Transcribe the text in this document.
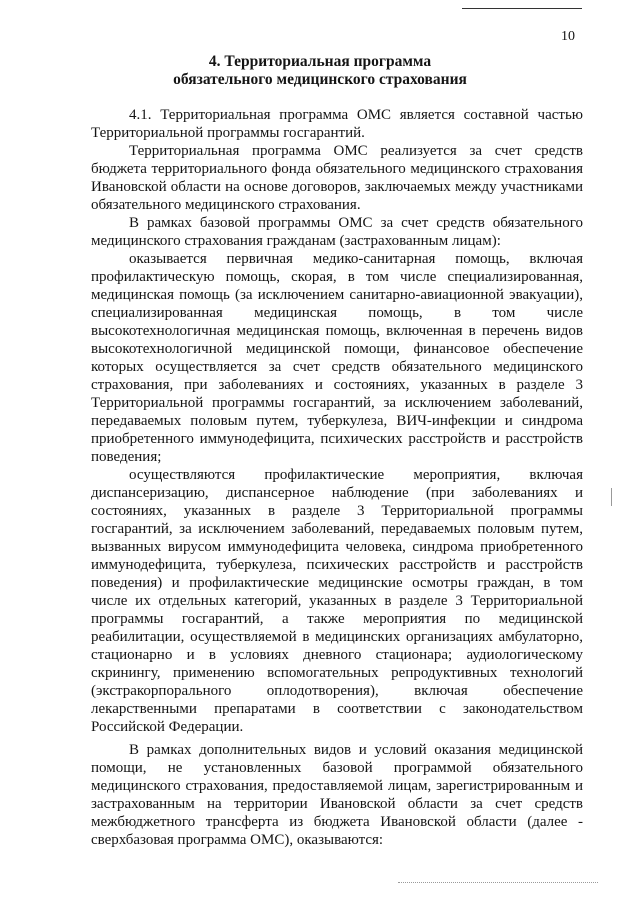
10
4. Территориальная программа
обязательного медицинского страхования

4.1. Территориальная программа ОМС является составной частью Территориальной программы госгарантий.

Территориальная программа ОМС реализуется за счет средств бюджета территориального фонда обязательного медицинского страхования Ивановской области на основе договоров, заключаемых между участниками обязательного медицинского страхования.

В рамках базовой программы ОМС за счет средств обязательного медицинского страхования гражданам (застрахованным лицам):

оказывается первичная медико-санитарная помощь, включая профилактическую помощь, скорая, в том числе специализированная, медицинская помощь (за исключением санитарно-авиационной эвакуации), специализированная медицинская помощь, в том числе высокотехнологичная медицинская помощь, включенная в перечень видов высокотехнологичной медицинской помощи, финансовое обеспечение которых осуществляется за счет средств обязательного медицинского страхования, при заболеваниях и состояниях, указанных в разделе 3 Территориальной программы госгарантий, за исключением заболеваний, передаваемых половым путем, туберкулеза, ВИЧ-инфекции и синдрома приобретенного иммунодефицита, психических расстройств и расстройств поведения;

осуществляются профилактические мероприятия, включая диспансеризацию, диспансерное наблюдение (при заболеваниях и состояниях, указанных в разделе 3 Территориальной программы госгарантий, за исключением заболеваний, передаваемых половым путем, вызванных вирусом иммунодефицита человека, синдрома приобретенного иммунодефицита, туберкулеза, психических расстройств и расстройств поведения) и профилактические медицинские осмотры граждан, в том числе их отдельных категорий, указанных в разделе 3 Территориальной программы госгарантий, а также мероприятия по медицинской реабилитации, осуществляемой в медицинских организациях амбулаторно, стационарно и в условиях дневного стационара; аудиологическому скринингу, применению вспомогательных репродуктивных технологий (экстракорпорального оплодотворения), включая обеспечение лекарственными препаратами в соответствии с законодательством Российской Федерации.

В рамках дополнительных видов и условий оказания медицинской помощи, не установленных базовой программой обязательного медицинского страхования, предоставляемой лицам, зарегистрированным и застрахованным на территории Ивановской области за счет средств межбюджетного трансферта из бюджета Ивановской области (далее - сверхбазовая программа ОМС), оказываются:
